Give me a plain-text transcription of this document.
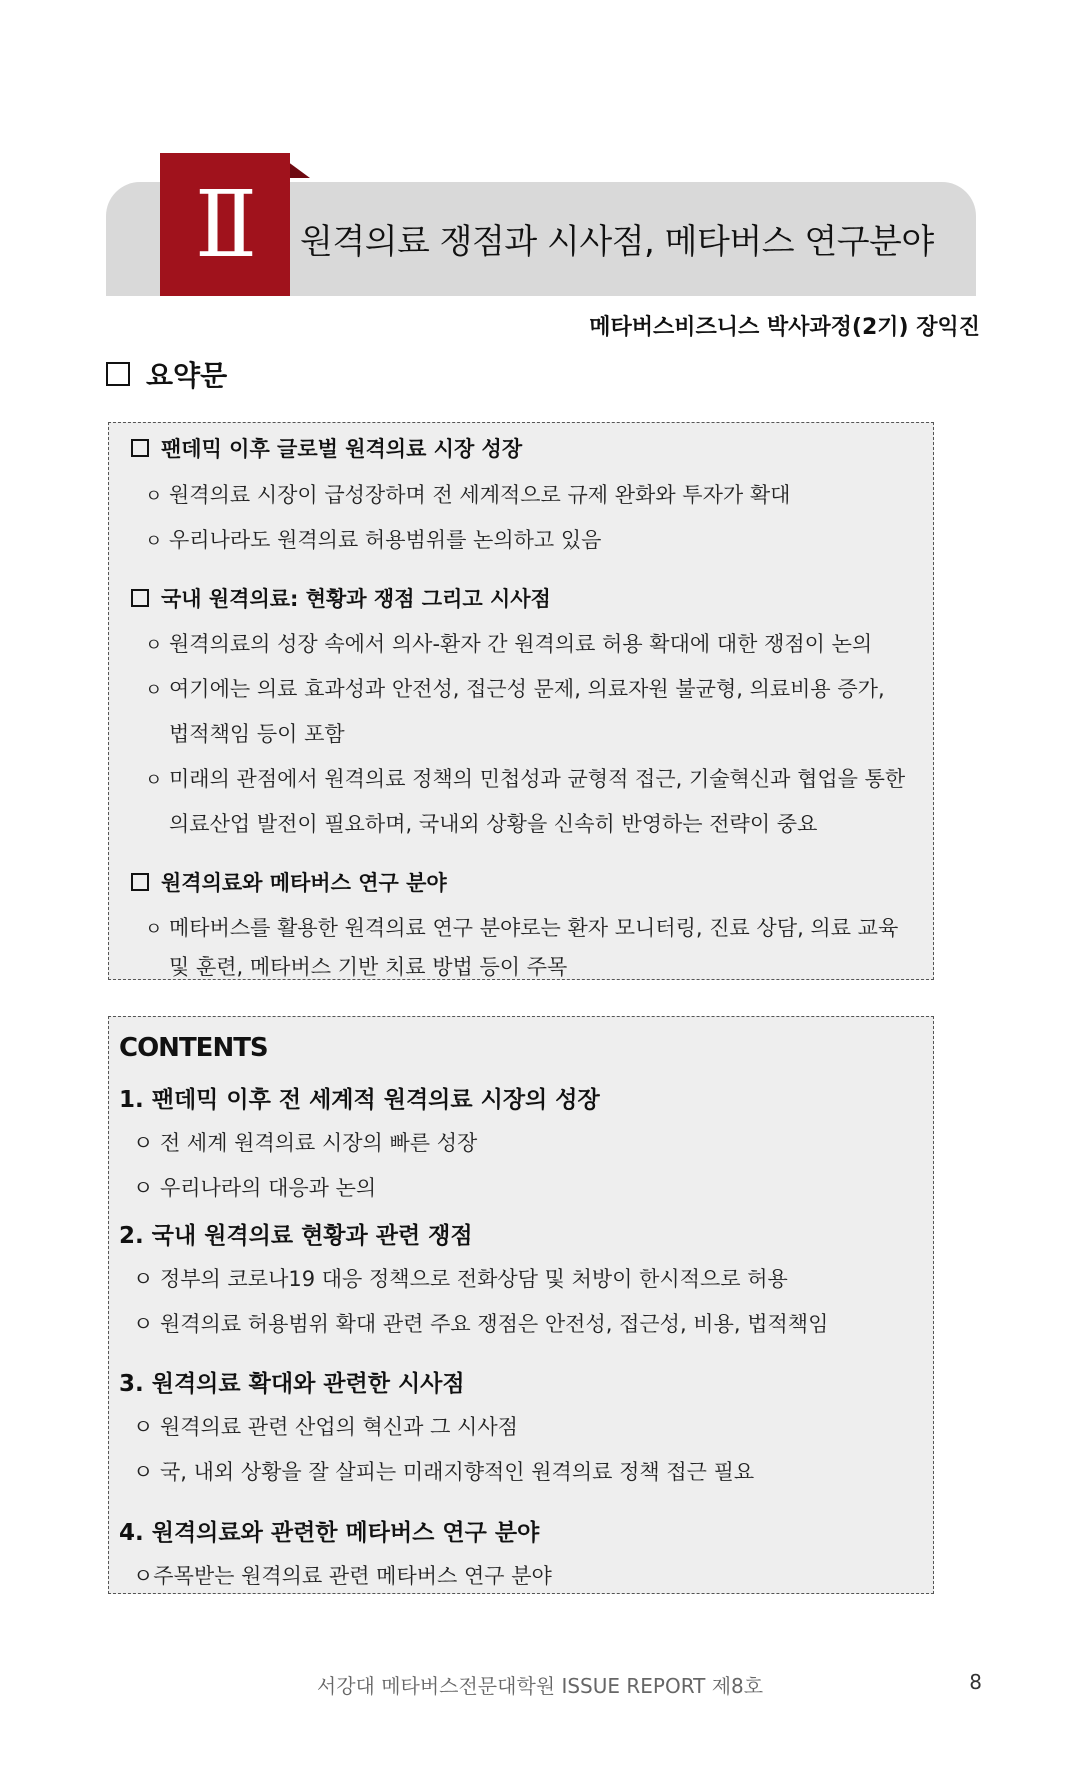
Ⅱ 원격의료 쟁점과 시사점, 메타버스 연구분야
메타버스비즈니스 박사과정(2기) 장익진
요약문
팬데믹 이후 글로벌 원격의료 시장 성장
ㅇ 원격의료 시장이 급성장하며 전 세계적으로 규제 완화와 투자가 확대
ㅇ 우리나라도 원격의료 허용범위를 논의하고 있음
국내 원격의료: 현황과 쟁점 그리고 시사점
ㅇ 원격의료의 성장 속에서 의사-환자 간 원격의료 허용 확대에 대한 쟁점이 논의
ㅇ 여기에는 의료 효과성과 안전성, 접근성 문제, 의료자원 불균형, 의료비용 증가,
법적책임 등이 포함
ㅇ 미래의 관점에서 원격의료 정책의 민첩성과 균형적 접근, 기술혁신과 협업을 통한
의료산업 발전이 필요하며, 국내외 상황을 신속히 반영하는 전략이 중요
원격의료와 메타버스 연구 분야
ㅇ 메타버스를 활용한 원격의료 연구 분야로는 환자 모니터링, 진료 상담, 의료 교육
및 훈련, 메타버스 기반 치료 방법 등이 주목
CONTENTS
1. 팬데믹 이후 전 세계적 원격의료 시장의 성장
ㅇ 전 세계 원격의료 시장의 빠른 성장
ㅇ 우리나라의 대응과 논의
2. 국내 원격의료 현황과 관련 쟁점
ㅇ 정부의 코로나19 대응 정책으로 전화상담 및 처방이 한시적으로 허용
ㅇ 원격의료 허용범위 확대 관련 주요 쟁점은 안전성, 접근성, 비용, 법적책임
3. 원격의료 확대와 관련한 시사점
ㅇ 원격의료 관련 산업의 혁신과 그 시사점
ㅇ 국, 내외 상황을 잘 살피는 미래지향적인 원격의료 정책 접근 필요
4. 원격의료와 관련한 메타버스 연구 분야
ㅇ주목받는 원격의료 관련 메타버스 연구 분야
서강대 메타버스전문대학원 ISSUE REPORT 제8호	8
